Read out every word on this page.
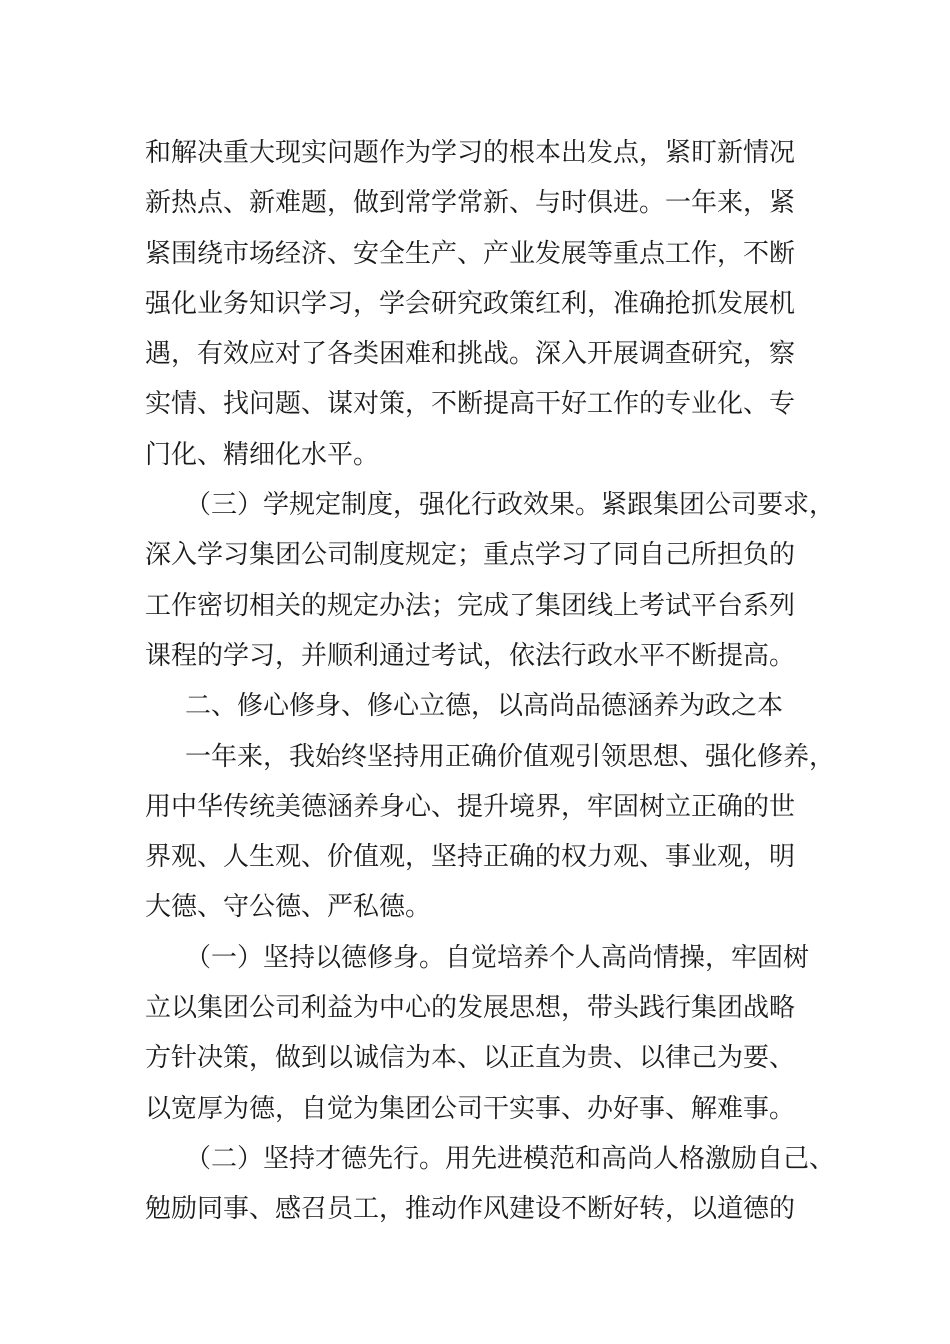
和解决重大现实问题作为学习的根本出发点，紧盯新情况
新热点、新难题，做到常学常新、与时俱进。一年来，紧
紧围绕市场经济、安全生产、产业发展等重点工作，不断
强化业务知识学习，学会研究政策红利，准确抢抓发展机
遇，有效应对了各类困难和挑战。深入开展调查研究，察
实情、找问题、谋对策，不断提高干好工作的专业化、专
门化、精细化水平。
（三）学规定制度，强化行政效果。紧跟集团公司要求，
深入学习集团公司制度规定；重点学习了同自己所担负的
工作密切相关的规定办法；完成了集团线上考试平台系列
课程的学习，并顺利通过考试，依法行政水平不断提高。
二、修心修身、修心立德，以高尚品德涵养为政之本
一年来，我始终坚持用正确价值观引领思想、强化修养，
用中华传统美德涵养身心、提升境界，牢固树立正确的世
界观、人生观、价值观，坚持正确的权力观、事业观，明
大德、守公德、严私德。
（一）坚持以德修身。自觉培养个人高尚情操，牢固树
立以集团公司利益为中心的发展思想，带头践行集团战略
方针决策，做到以诚信为本、以正直为贵、以律己为要、
以宽厚为德，自觉为集团公司干实事、办好事、解难事。
（二）坚持才德先行。用先进模范和高尚人格激励自己、
勉励同事、感召员工，推动作风建设不断好转，以道德的
